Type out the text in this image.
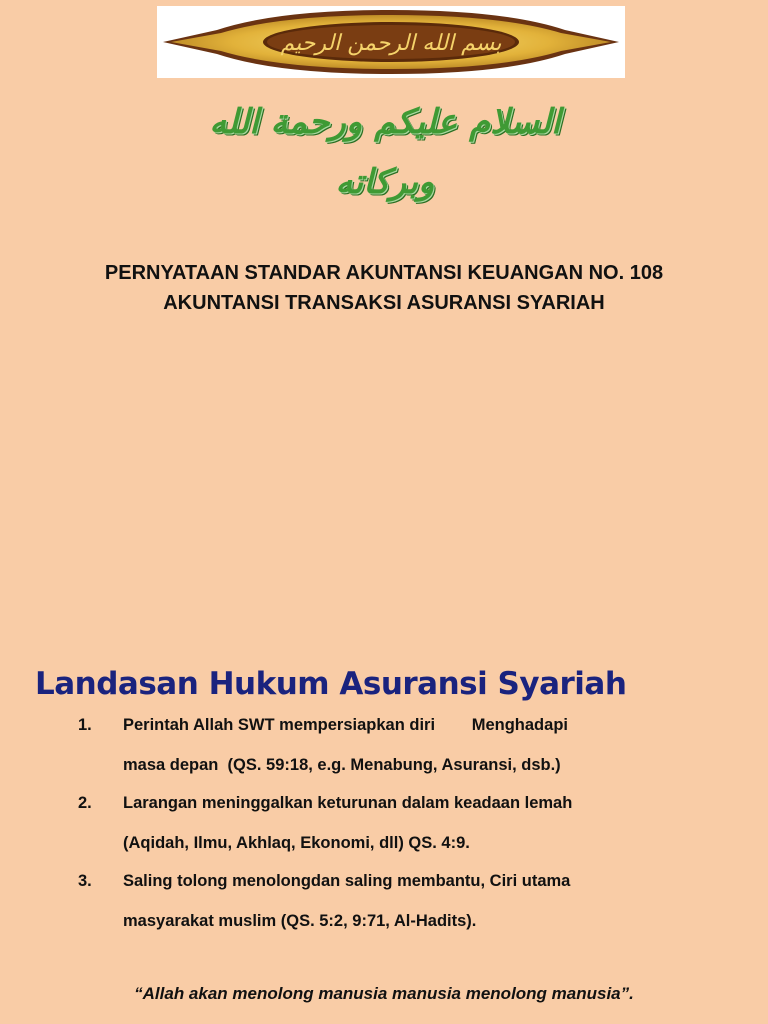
بسم الله الرحمن الرحيم
السلام عليكم ورحمة الله وبركاته
PERNYATAAN STANDAR AKUNTANSI KEUANGAN NO. 108
AKUNTANSI TRANSAKSI ASURANSI SYARIAH
Landasan Hukum Asuransi Syariah
1.	Perintah Allah SWT mempersiapkan diri        Menghadapi
masa depan  (QS. 59:18, e.g. Menabung, Asuransi, dsb.)
2.	Larangan meninggalkan keturunan dalam keadaan lemah
(Aqidah, Ilmu, Akhlaq, Ekonomi, dll) QS. 4:9.
3.	Saling tolong menolongdan saling membantu, Ciri utama
masyarakat muslim (QS. 5:2, 9:71, Al-Hadits).
“Allah akan menolong manusia manusia menolong manusia”.
